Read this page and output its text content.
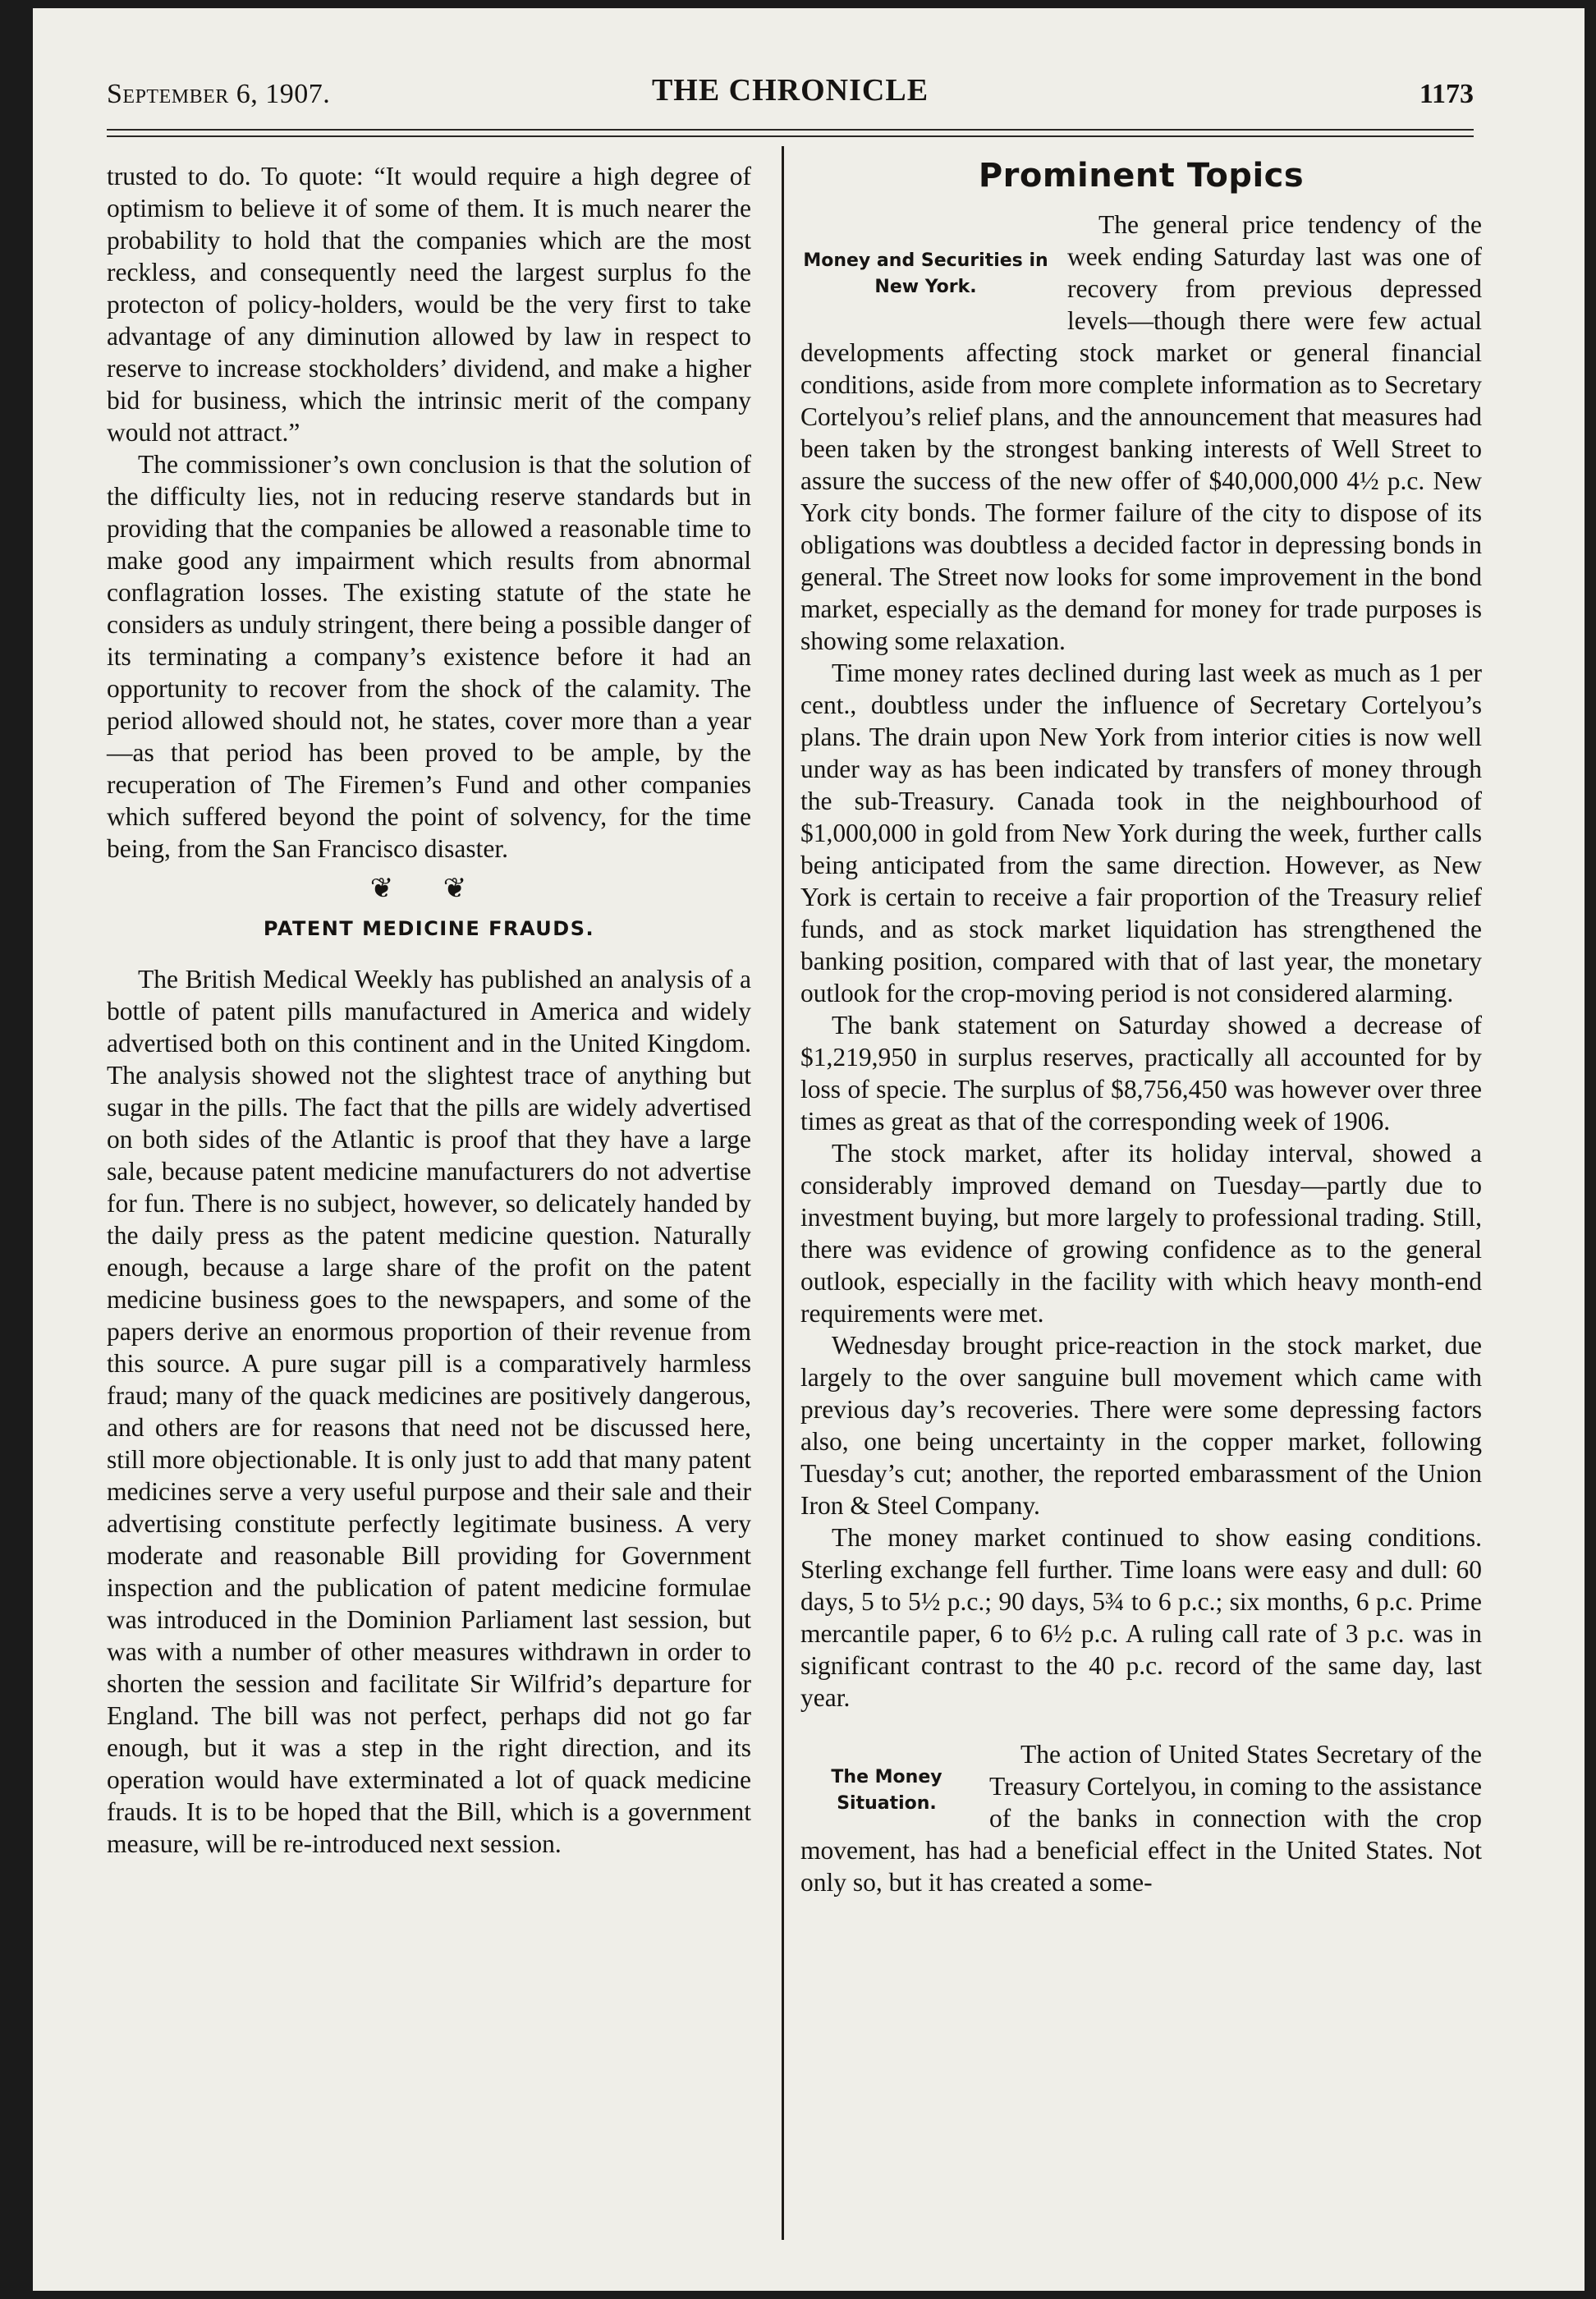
September 6, 1907.	THE CHRONICLE	1173

trusted to do. To quote: “It would require a high degree of optimism to believe it of some of them. It is much nearer the probability to hold that the companies which are the most reckless, and consequently need the largest surplus fo the protecton of policy-holders, would be the very first to take advantage of any diminution allowed by law in respect to reserve to increase stockholders’ dividend, and make a higher bid for business, which the intrinsic merit of the company would not attract.”

The commissioner’s own conclusion is that the solution of the difficulty lies, not in reducing reserve standards but in providing that the companies be allowed a reasonable time to make good any impairment which results from abnormal conflagration losses. The existing statute of the state he considers as unduly stringent, there being a possible danger of its terminating a company’s existence before it had an opportunity to recover from the shock of the calamity. The period allowed should not, he states, cover more than a year—as that period has been proved to be ample, by the recuperation of The Firemen’s Fund and other companies which suffered beyond the point of solvency, for the time being, from the San Francisco disaster.

❦ ❦
PATENT MEDICINE FRAUDS.

The British Medical Weekly has published an analysis of a bottle of patent pills manufactured in America and widely advertised both on this continent and in the United Kingdom. The analysis showed not the slightest trace of anything but sugar in the pills. The fact that the pills are widely advertised on both sides of the Atlantic is proof that they have a large sale, because patent medicine manufacturers do not advertise for fun. There is no subject, however, so delicately handed by the daily press as the patent medicine question. Naturally enough, because a large share of the profit on the patent medicine business goes to the newspapers, and some of the papers derive an enormous proportion of their revenue from this source. A pure sugar pill is a comparatively harmless fraud; many of the quack medicines are positively dangerous, and others are for reasons that need not be discussed here, still more objectionable. It is only just to add that many patent medicines serve a very useful purpose and their sale and their advertising constitute perfectly legitimate business. A very moderate and reasonable Bill providing for Government inspection and the publication of patent medicine formulae was introduced in the Dominion Parliament last session, but was with a number of other measures withdrawn in order to shorten the session and facilitate Sir Wilfrid’s departure for England. The bill was not perfect, perhaps did not go far enough, but it was a step in the right direction, and its operation would have exterminated a lot of quack medicine frauds. It is to be hoped that the Bill, which is a government measure, will be re-introduced next session.

Prominent Topics
Money and Securities in New York.

The general price tendency of the week ending Saturday last was one of recovery from previous depressed levels—though there were few actual developments affecting stock market or general financial conditions, aside from more complete information as to Secretary Cortelyou’s relief plans, and the announcement that measures had been taken by the strongest banking interests of Well Street to assure the success of the new offer of $40,000,000 4½ p.c. New York city bonds. The former failure of the city to dispose of its obligations was doubtless a decided factor in depressing bonds in general. The Street now looks for some improvement in the bond market, especially as the demand for money for trade purposes is showing some relaxation.

Time money rates declined during last week as much as 1 per cent., doubtless under the influence of Secretary Cortelyou’s plans. The drain upon New York from interior cities is now well under way as has been indicated by transfers of money through the sub-Treasury. Canada took in the neighbourhood of $1,000,000 in gold from New York during the week, further calls being anticipated from the same direction. However, as New York is certain to receive a fair proportion of the Treasury relief funds, and as stock market liquidation has strengthened the banking position, compared with that of last year, the monetary outlook for the crop-moving period is not considered alarming.

The bank statement on Saturday showed a decrease of $1,219,950 in surplus reserves, practically all accounted for by loss of specie. The surplus of $8,756,450 was however over three times as great as that of the corresponding week of 1906.

The stock market, after its holiday interval, showed a considerably improved demand on Tuesday—partly due to investment buying, but more largely to professional trading. Still, there was evidence of growing confidence as to the general outlook, especially in the facility with which heavy month-end requirements were met.

Wednesday brought price-reaction in the stock market, due largely to the over sanguine bull movement which came with previous day’s recoveries. There were some depressing factors also, one being uncertainty in the copper market, following Tuesday’s cut; another, the reported embarassment of the Union Iron & Steel Company.

The money market continued to show easing conditions. Sterling exchange fell further. Time loans were easy and dull: 60 days, 5 to 5½ p.c.; 90 days, 5¾ to 6 p.c.; six months, 6 p.c. Prime mercantile paper, 6 to 6½ p.c. A ruling call rate of 3 p.c. was in significant contrast to the 40 p.c. record of the same day, last year.

The Money Situation.

The action of United States Secretary of the Treasury Cortelyou, in coming to the assistance of the banks in connection with the crop movement, has had a beneficial effect in the United States. Not only so, but it has created a some-
